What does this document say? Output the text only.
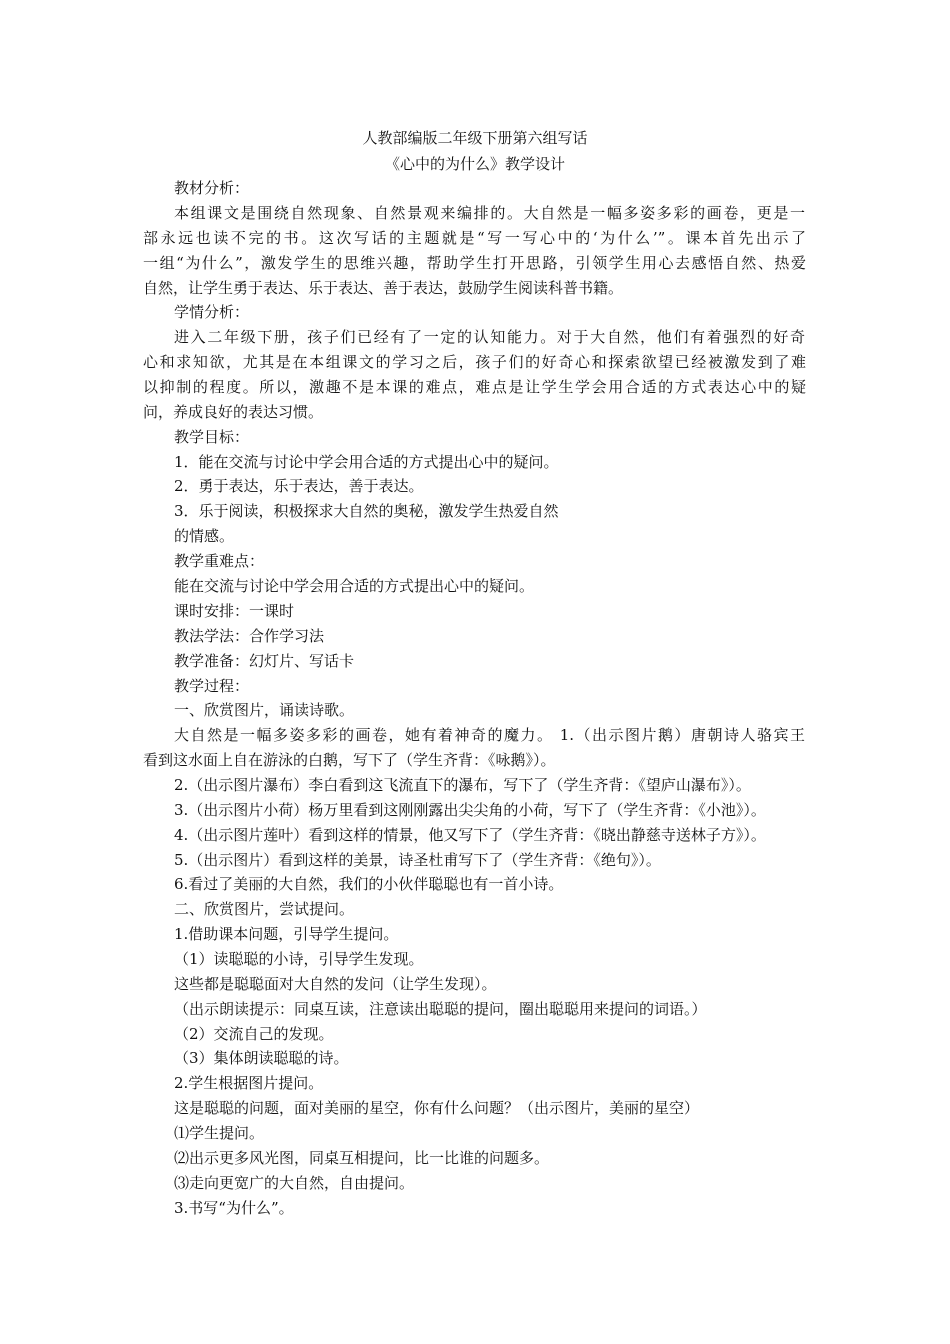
人教部编版二年级下册第六组写话
《心中的为什么》教学设计
教材分析：
本组课文是围绕自然现象、自然景观来编排的。大自然是一幅多姿多彩的画卷，更是一
部永远也读不完的书。这次写话的主题就是“写一写心中的‘为什么’”。课本首先出示了
一组“为什么”，激发学生的思维兴趣，帮助学生打开思路，引领学生用心去感悟自然、热爱
自然，让学生勇于表达、乐于表达、善于表达，鼓励学生阅读科普书籍。
学情分析：
进入二年级下册，孩子们已经有了一定的认知能力。对于大自然，他们有着强烈的好奇
心和求知欲，尤其是在本组课文的学习之后，孩子们的好奇心和探索欲望已经被激发到了难
以抑制的程度。所以，激趣不是本课的难点，难点是让学生学会用合适的方式表达心中的疑
问，养成良好的表达习惯。
教学目标：
1．能在交流与讨论中学会用合适的方式提出心中的疑问。
2．勇于表达，乐于表达，善于表达。
3．乐于阅读，积极探求大自然的奥秘，激发学生热爱自然
的情感。
教学重难点：
能在交流与讨论中学会用合适的方式提出心中的疑问。
课时安排：一课时
教法学法：合作学习法
教学准备：幻灯片、写话卡
教学过程：
一、欣赏图片，诵读诗歌。
大自然是一幅多姿多彩的画卷，她有着神奇的魔力。 1.（出示图片鹅）唐朝诗人骆宾王
看到这水面上自在游泳的白鹅，写下了（学生齐背：《咏鹅》）。
2.（出示图片瀑布）李白看到这飞流直下的瀑布，写下了（学生齐背：《望庐山瀑布》）。
3.（出示图片小荷）杨万里看到这刚刚露出尖尖角的小荷，写下了（学生齐背：《小池》）。
4.（出示图片莲叶）看到这样的情景，他又写下了（学生齐背：《晓出静慈寺送林子方》）。
5.（出示图片）看到这样的美景，诗圣杜甫写下了（学生齐背：《绝句》）。
6.看过了美丽的大自然，我们的小伙伴聪聪也有一首小诗。
二、欣赏图片，尝试提问。
1.借助课本问题，引导学生提问。
（1）读聪聪的小诗，引导学生发现。
这些都是聪聪面对大自然的发问（让学生发现）。
（出示朗读提示：同桌互读，注意读出聪聪的提问，圈出聪聪用来提问的词语。）
（2）交流自己的发现。
（3）集体朗读聪聪的诗。
2.学生根据图片提问。
这是聪聪的问题，面对美丽的星空，你有什么问题？（出示图片，美丽的星空）
⑴学生提问。
⑵出示更多风光图，同桌互相提问，比一比谁的问题多。
⑶走向更宽广的大自然，自由提问。
3.书写“为什么”。
